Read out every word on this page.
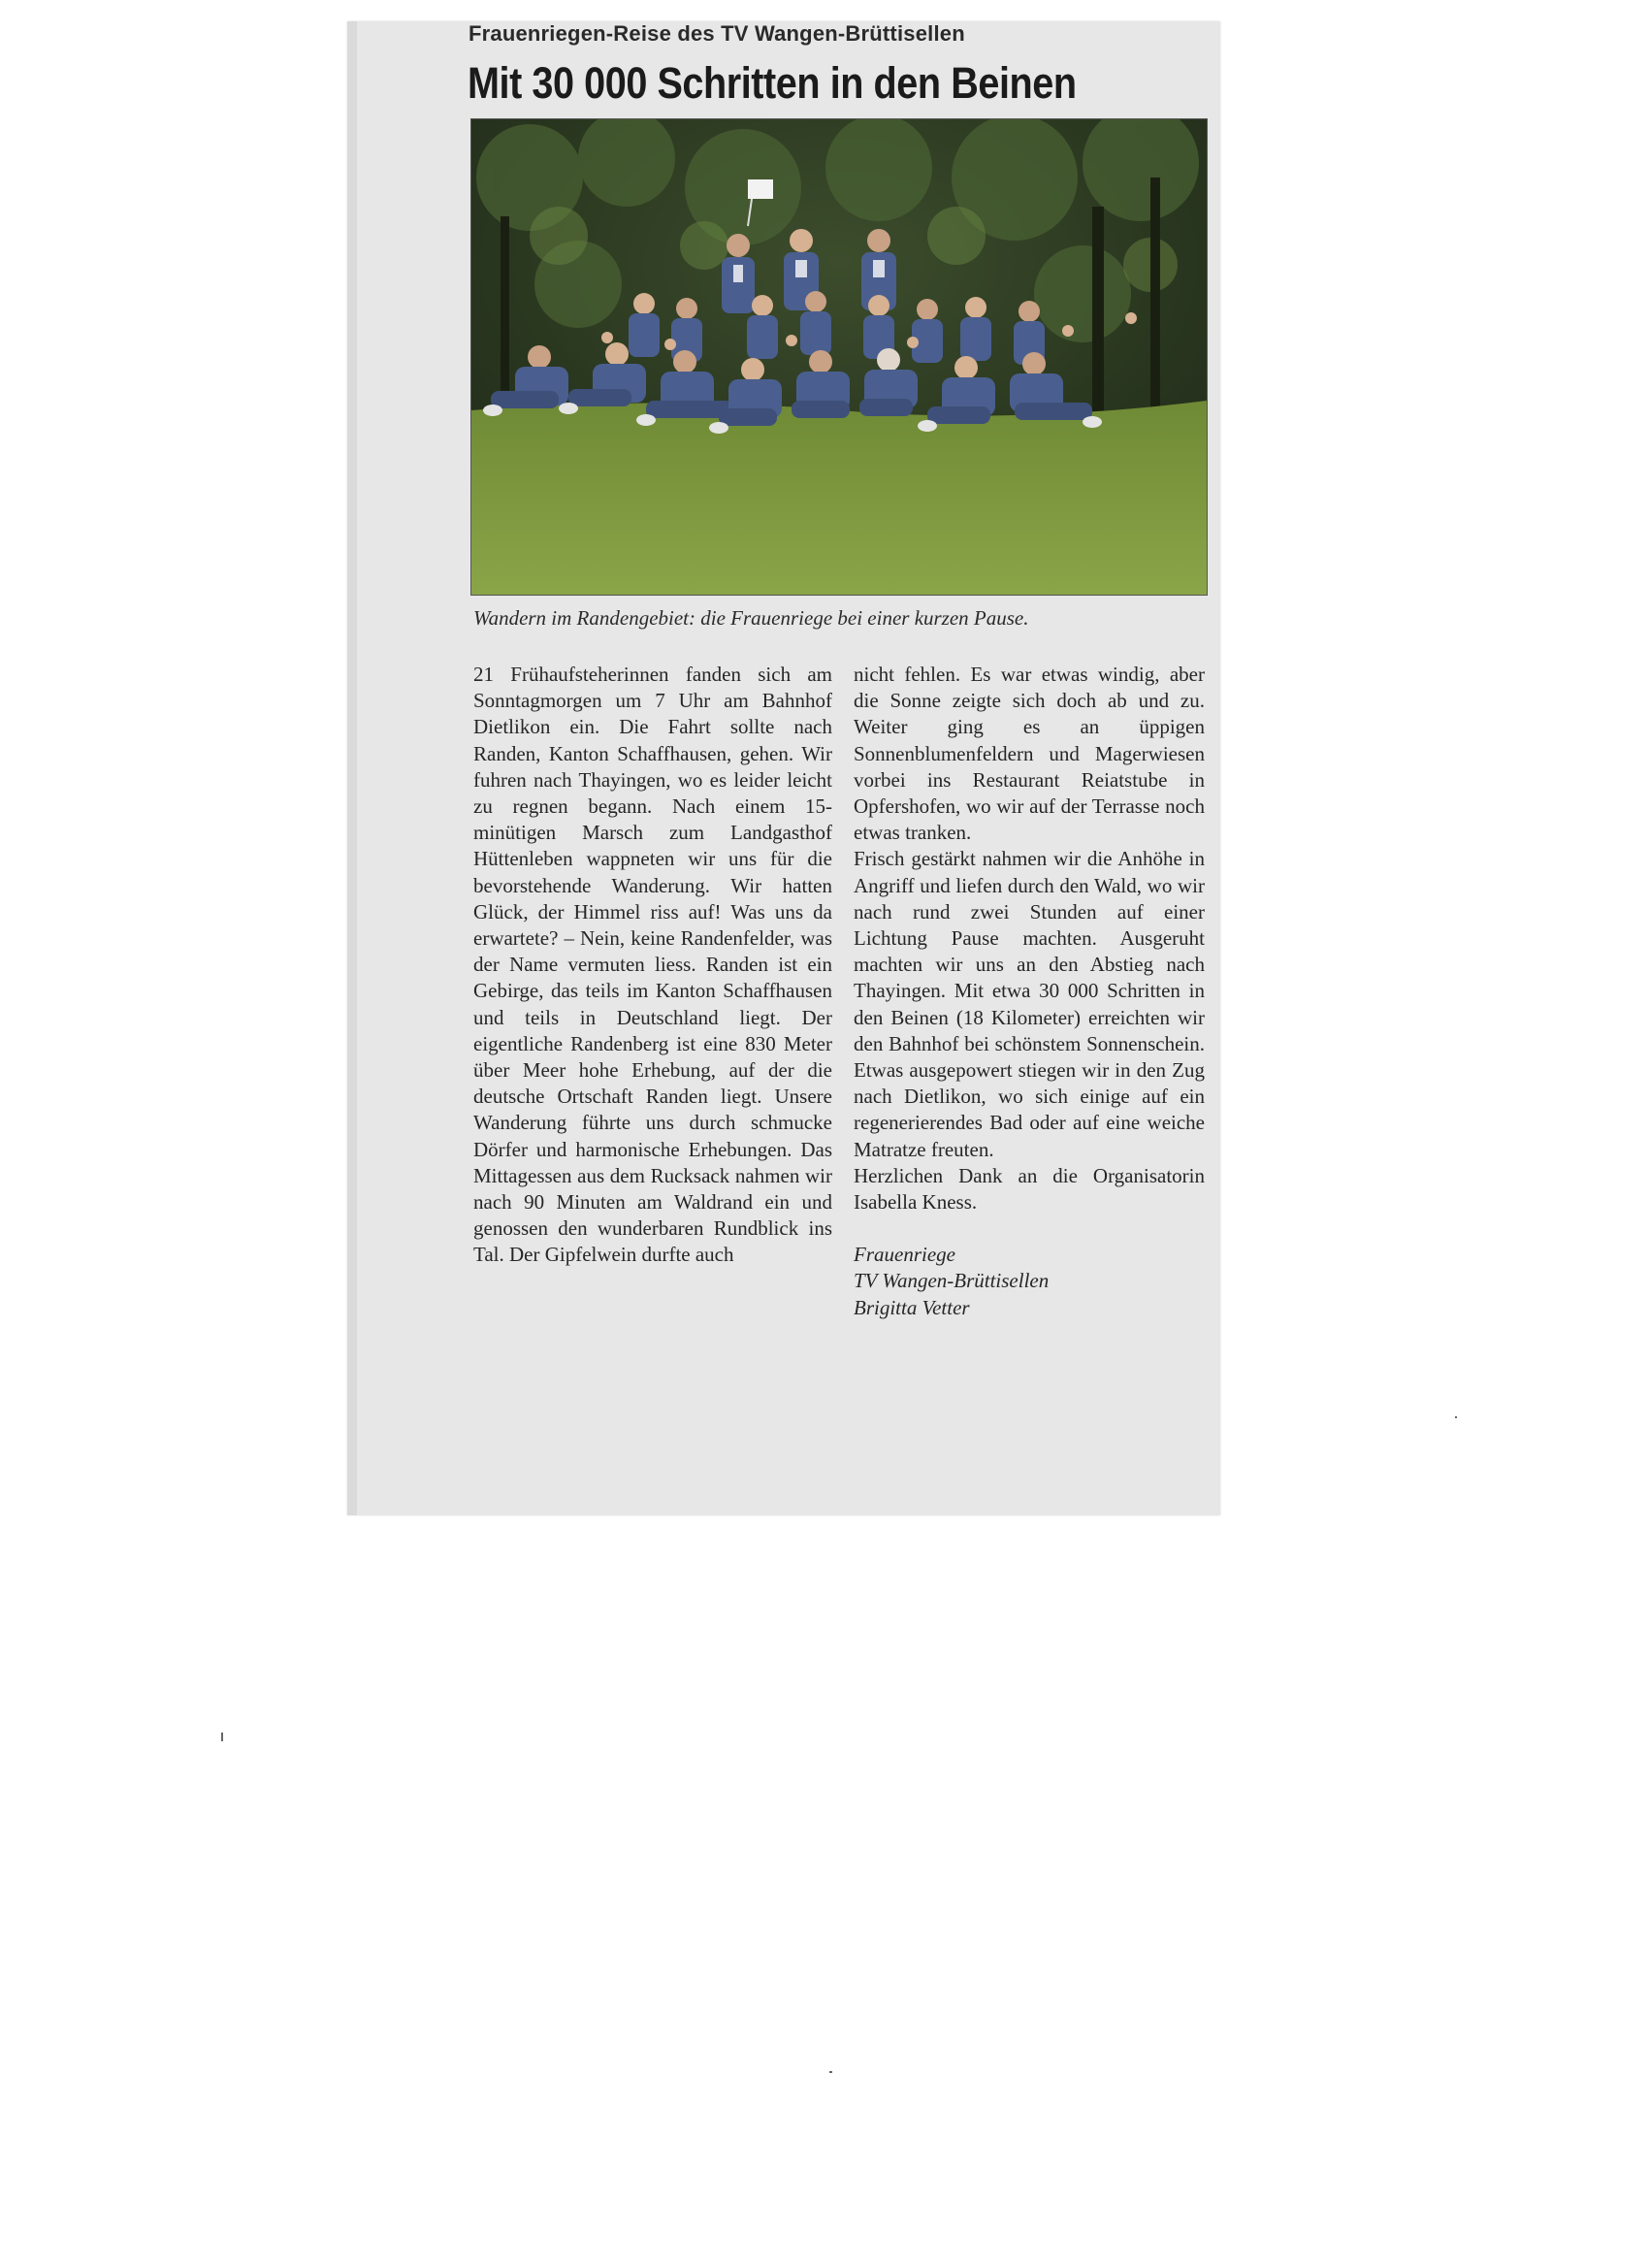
Frauenriegen-Reise des TV Wangen-Brüttisellen
Mit 30 000 Schritten in den Beinen
Wandern im Randengebiet: die Frauenriege bei einer kurzen Pause.

21 Frühaufsteherinnen fanden sich am Sonntagmorgen um 7 Uhr am Bahnhof Dietlikon ein. Die Fahrt sollte nach Randen, Kanton Schaffhausen, gehen. Wir fuhren nach Thayingen, wo es leider leicht zu regnen begann. Nach einem 15-minütigen Marsch zum Landgasthof Hüttenleben wappneten wir uns für die bevorstehende Wanderung. Wir hatten Glück, der Himmel riss auf! Was uns da erwartete? – Nein, keine Randenfelder, was der Name vermuten liess. Randen ist ein Gebirge, das teils im Kanton Schaffhausen und teils in Deutschland liegt. Der eigentliche Randenberg ist eine 830 Meter über Meer hohe Erhebung, auf der die deutsche Ortschaft Randen liegt. Unsere Wanderung führte uns durch schmucke Dörfer und harmonische Erhebungen. Das Mittagessen aus dem Rucksack nahmen wir nach 90 Minuten am Waldrand ein und genossen den wunderbaren Rundblick ins Tal. Der Gipfelwein durfte auch

nicht fehlen. Es war etwas windig, aber die Sonne zeigte sich doch ab und zu. Weiter ging es an üppigen Sonnenblumenfeldern und Magerwiesen vorbei ins Restaurant Reiatstube in Opfershofen, wo wir auf der Terrasse noch etwas tranken.

Frisch gestärkt nahmen wir die Anhöhe in Angriff und liefen durch den Wald, wo wir nach rund zwei Stunden auf einer Lichtung Pause machten. Ausgeruht machten wir uns an den Abstieg nach Thayingen. Mit etwa 30 000 Schritten in den Beinen (18 Kilometer) erreichten wir den Bahnhof bei schönstem Sonnenschein. Etwas ausgepowert stiegen wir in den Zug nach Dietlikon, wo sich einige auf ein regenerierendes Bad oder auf eine weiche Matratze freuten.

Herzlichen Dank an die Organisatorin Isabella Kness.

Frauenriege
TV Wangen-Brüttisellen
Brigitta Vetter
